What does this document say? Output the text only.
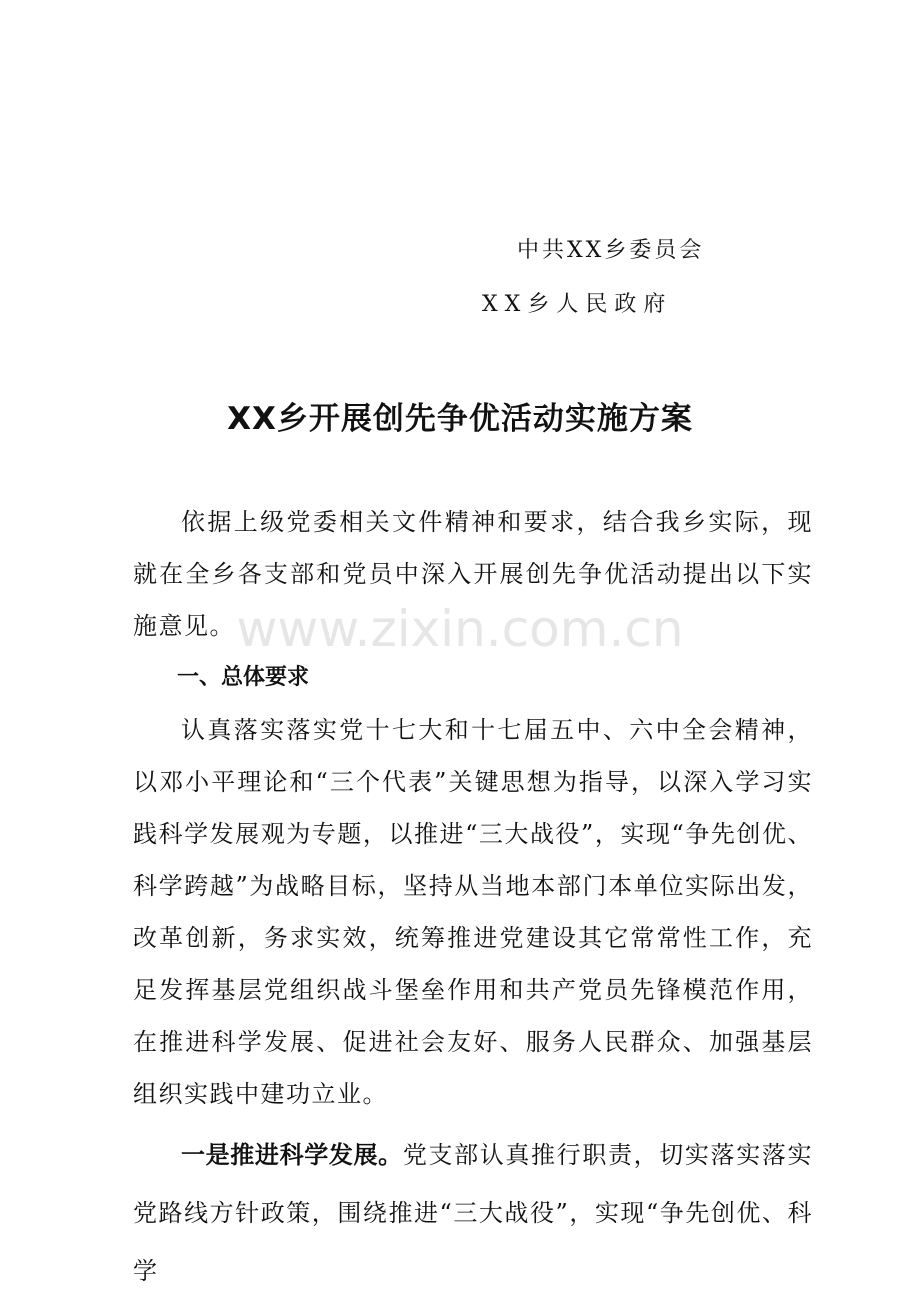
中共XX乡委员会
XX乡人民政府
XX乡开展创先争优活动实施方案

依据上级党委相关文件精神和要求，结合我乡实际，现就在全乡各支部和党员中深入开展创先争优活动提出以下实施意见。

一、总体要求

认真落实落实党十七大和十七届五中、六中全会精神，以邓小平理论和“三个代表”关键思想为指导，以深入学习实践科学发展观为专题，以推进“三大战役”，实现“争先创优、科学跨越”为战略目标，坚持从当地本部门本单位实际出发，改革创新，务求实效，统筹推进党建设其它常常性工作，充足发挥基层党组织战斗堡垒作用和共产党员先锋模范作用，在推进科学发展、促进社会友好、服务人民群众、加强基层组织实践中建功立业。

一是推进科学发展。党支部认真推行职责，切实落实落实党路线方针政策，围绕推进“三大战役”，实现“争先创优、科学

www.zixin.com.cn
